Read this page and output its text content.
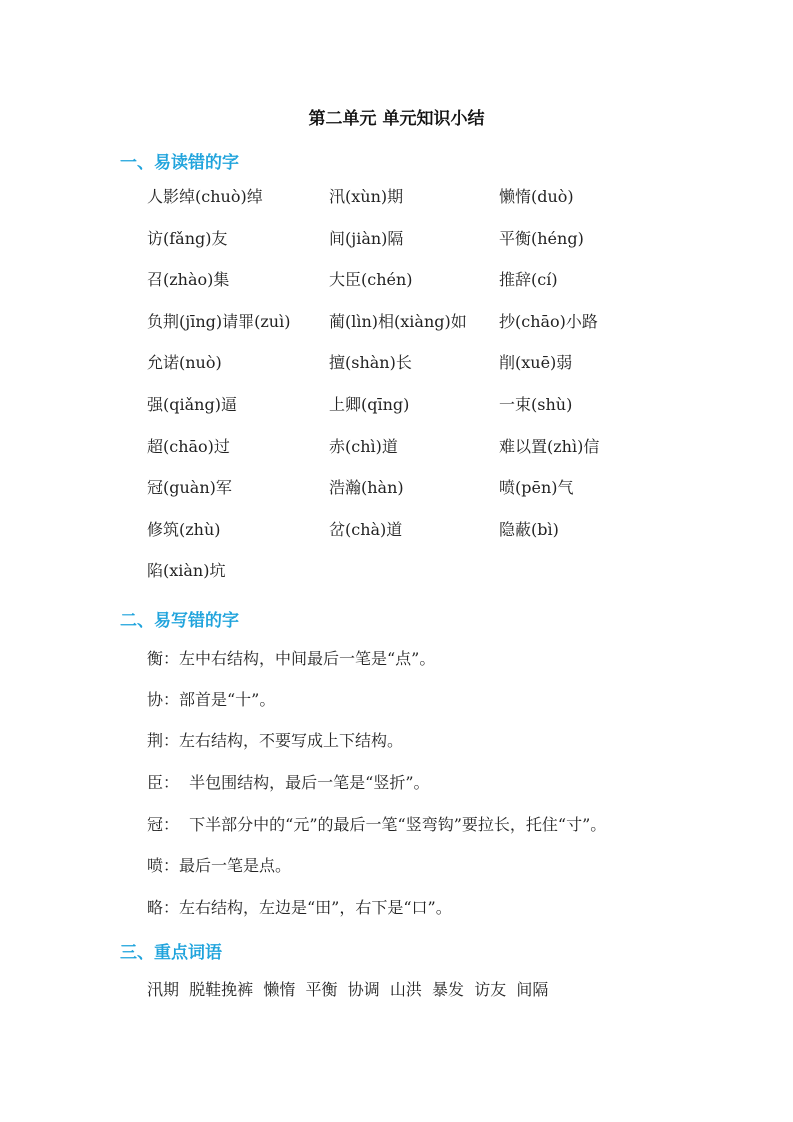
第二单元 单元知识小结
一、易读错的字
人影绰(chuò)绰	汛(xùn)期	懒惰(duò)
访(fǎng)友	间(jiàn)隔	平衡(héng)
召(zhào)集	大臣(chén)	推辞(cí)
负荆(jīng)请罪(zuì) 蔺(lìn)相(xiàng)如 抄(chāo)小路
允诺(nuò)	擅(shàn)长	削(xuē)弱
强(qiǎng)逼	上卿(qīng)	一束(shù)
超(chāo)过	赤(chì)道	难以置(zhì)信
冠(guàn)军	浩瀚(hàn)	喷(pēn)气
修筑(zhù)	岔(chà)道	隐蔽(bì)
陷(xiàn)坑
二、易写错的字
衡：左中右结构，中间最后一笔是“点”。
协：部首是“十”。
荆：左右结构，不要写成上下结构。
臣：  半包围结构，最后一笔是“竖折”。
冠：  下半部分中的“元”的最后一笔“竖弯钩”要拉长，托住“寸”。
喷：最后一笔是点。
略：左右结构，左边是“田”，右下是“口”。
三、重点词语
汛期  脱鞋挽裤  懒惰  平衡  协调  山洪  暴发  访友  间隔
